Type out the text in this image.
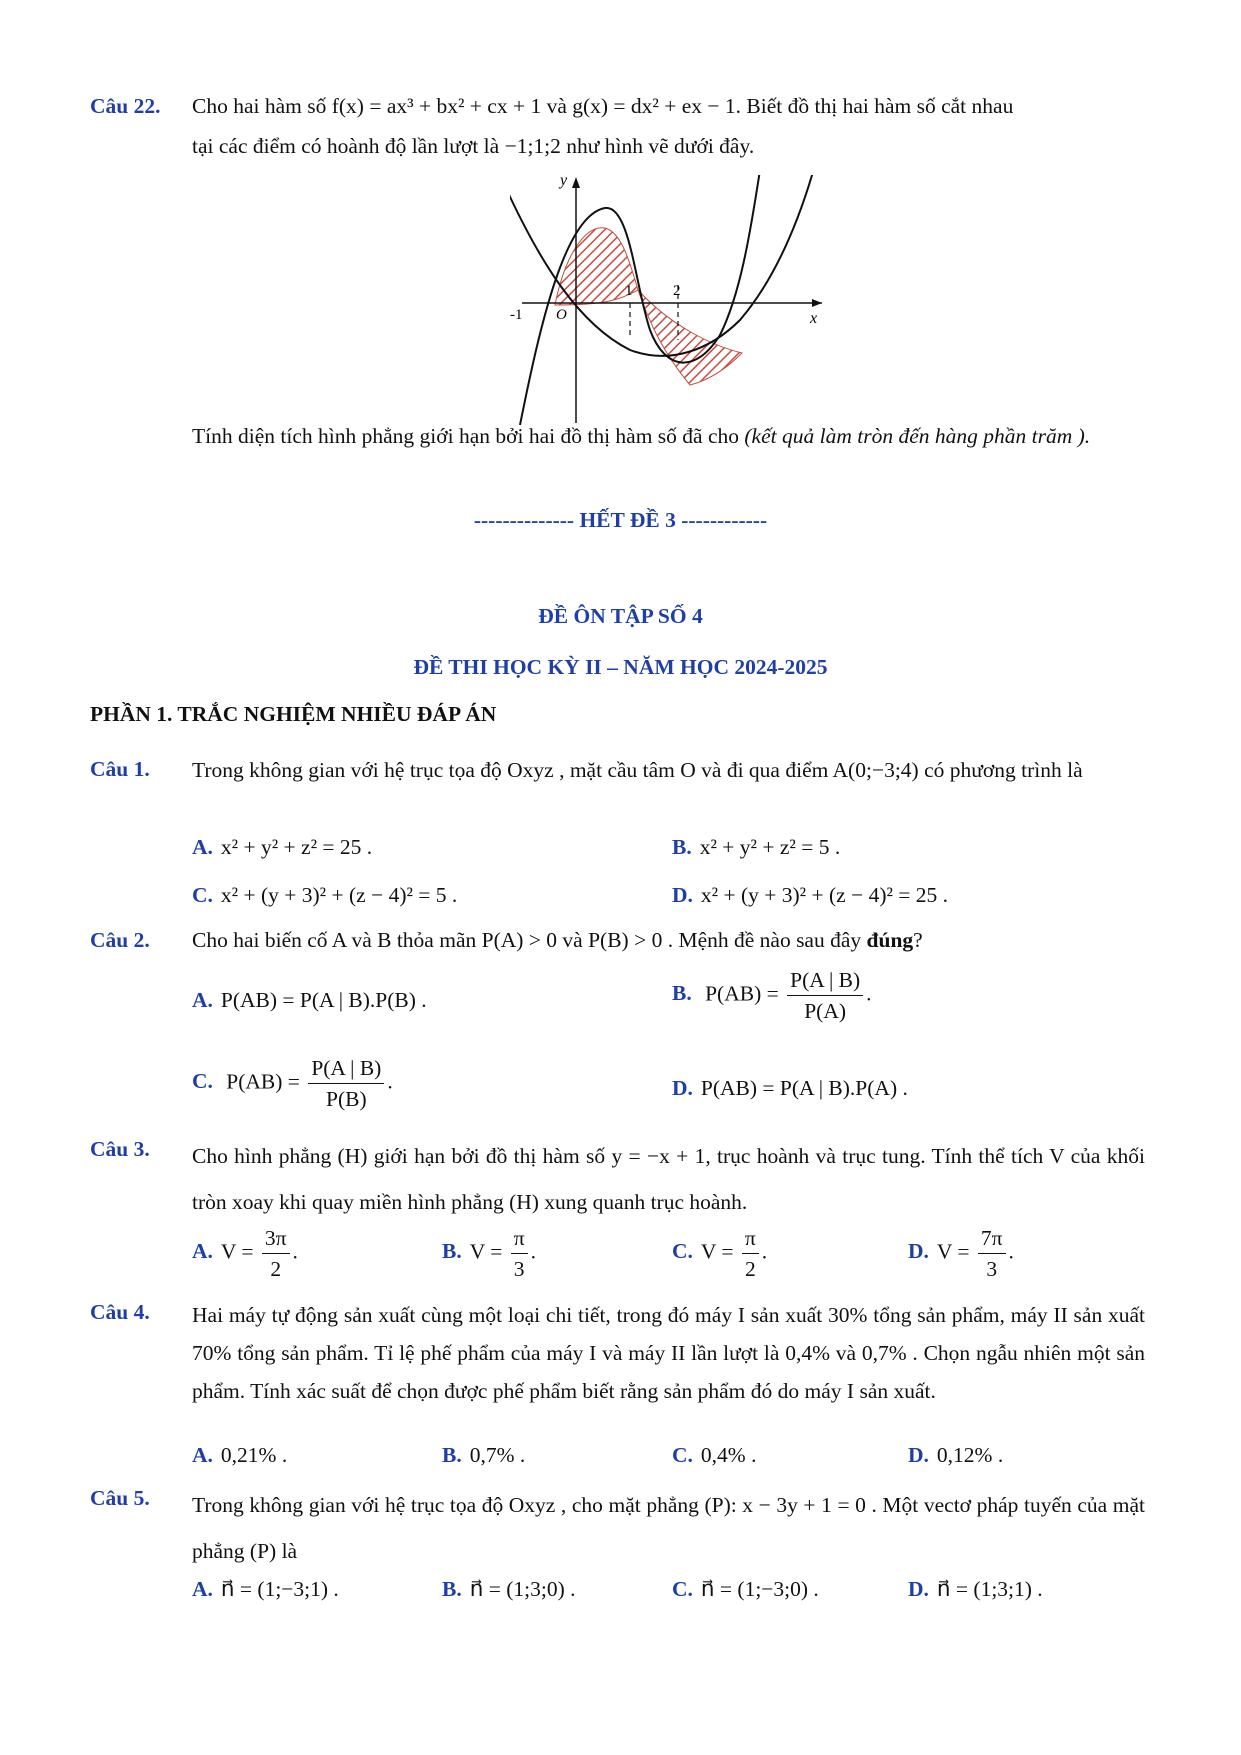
Câu 22. Cho hai hàm số f(x) = ax³ + bx² + cx + 1 và g(x) = dx² + ex − 1. Biết đồ thị hai hàm số cắt nhau
tại các điểm có hoành độ lần lượt là −1;1;2 như hình vẽ dưới đây.
y
x
O
-1
1	2
Tính diện tích hình phẳng giới hạn bởi hai đồ thị hàm số đã cho (kết quả làm tròn đến hàng phần trăm ).
-------------- HẾT ĐỀ 3 ------------
ĐỀ ÔN TẬP SỐ 4
ĐỀ THI HỌC KỲ II – NĂM HỌC 2024-2025
PHẦN 1. TRẮC NGHIỆM NHIỀU ĐÁP ÁN
Câu 1. Trong không gian với hệ trục tọa độ Oxyz , mặt cầu tâm O và đi qua điểm A(0;−3;4) có phương trình là
A. x² + y² + z² = 25 .	B. x² + y² + z² = 5 .
C. x² + (y + 3)² + (z − 4)² = 5 .	D. x² + (y + 3)² + (z − 4)² = 25 .
Câu 2. Cho hai biến cố A và B thỏa mãn P(A) > 0 và P(B) > 0 . Mệnh đề nào sau đây đúng?
A. P(AB) = P(A | B).P(B) .	B. $P(AB) = \frac{P(A | B)}{P(A)}$ .
C. $P(AB) = \frac{P(A | B)}{P(B)}$ .	D. P(AB) = P(A | B).P(A) .
Câu 3. Cho hình phẳng (H) giới hạn bởi đồ thị hàm số y = −x + 1, trục hoành và trục tung. Tính thể tích V của khối tròn xoay khi quay miền hình phẳng (H) xung quanh trục hoành.
A. $V = \frac{3\pi}{2}$ .	B. $V = \frac{\pi}{3}$ .	C. $V = \frac{\pi}{2}$ .	D. $V = \frac{7\pi}{3}$ .
Câu 4. Hai máy tự động sản xuất cùng một loại chi tiết, trong đó máy I sản xuất 30% tổng sản phẩm, máy II sản xuất 70% tổng sản phẩm. Tỉ lệ phế phẩm của máy I và máy II lần lượt là 0,4% và 0,7% . Chọn ngẫu nhiên một sản phẩm. Tính xác suất để chọn được phế phẩm biết rằng sản phẩm đó do máy I sản xuất.
A. 0,21% .	B. 0,7% .	C. 0,4% .	D. 0,12% .
Câu 5. Trong không gian với hệ trục tọa độ Oxyz , cho mặt phẳng (P): x − 3y + 1 = 0 . Một vectơ pháp tuyến của mặt phẳng (P) là
A. n⃗ = (1;−3;1) .	B. n⃗ = (1;3;0) .	C. n⃗ = (1;−3;0) .	D. n⃗ = (1;3;1) .
